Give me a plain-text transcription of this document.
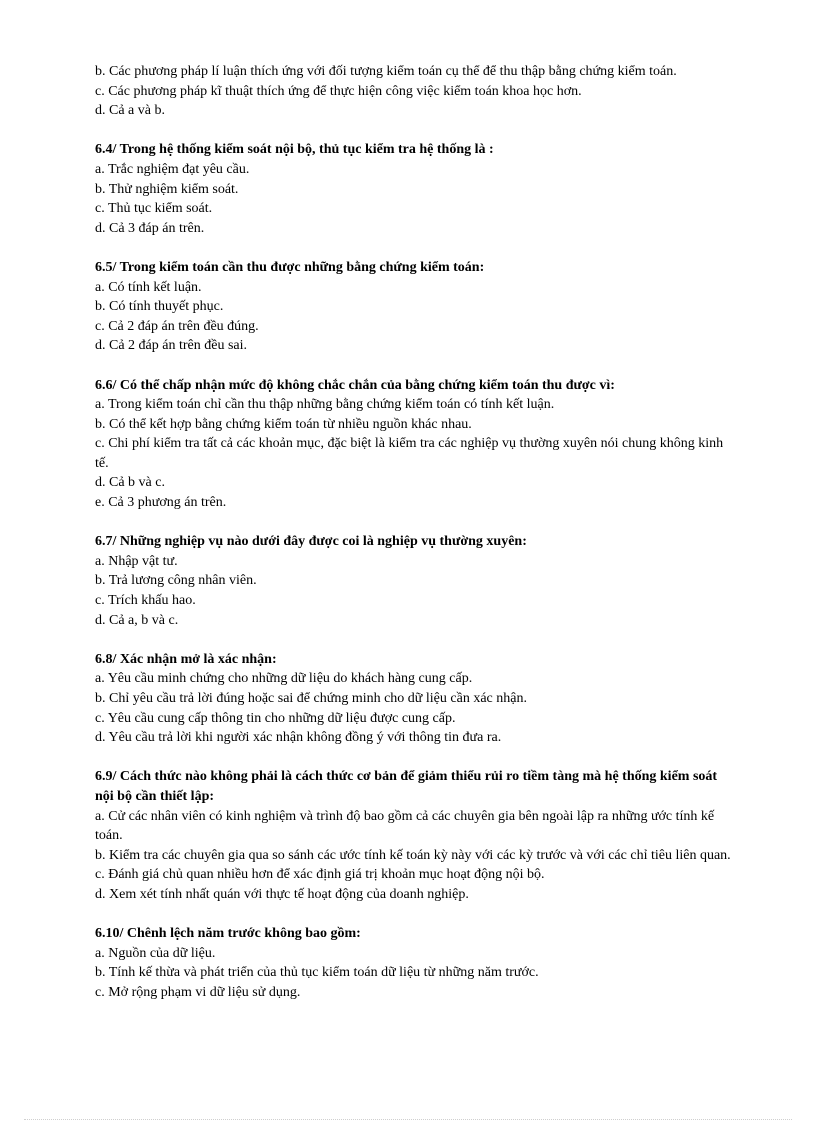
b. Các phương pháp lí luận thích ứng với đối tượng kiểm toán cụ thể để thu thập bằng chứng kiểm toán.
c. Các phương pháp kĩ thuật thích ứng để thực hiện công việc kiểm toán khoa học hơn.
d. Cả a và b.
6.4/ Trong hệ thống kiểm soát nội bộ, thủ tục kiểm tra hệ thống là :
a. Trắc nghiệm đạt yêu cầu.
b. Thử nghiệm kiểm soát.
c. Thủ tục kiểm soát.
d. Cả 3 đáp án trên.
6.5/ Trong kiểm toán cần thu được những bằng chứng kiểm toán:
a. Có tính kết luận.
b. Có tính thuyết phục.
c. Cả 2 đáp án trên đều đúng.
d. Cả 2 đáp án trên đều sai.
6.6/ Có thể chấp nhận mức độ không chắc chắn của bằng chứng kiểm toán thu được vì:
a. Trong kiểm toán chỉ cần thu thập những bằng chứng kiểm toán có tính kết luận.
b. Có thể kết hợp bằng chứng kiểm toán từ nhiều nguồn khác nhau.
c. Chi phí kiểm tra tất cả các khoản mục, đặc biệt là kiểm tra các nghiệp vụ thường xuyên nói chung không kinh tế.
d. Cả b và c.
e. Cả 3 phương án trên.
6.7/ Những nghiệp vụ nào dưới đây được coi là nghiệp vụ thường xuyên:
a. Nhập vật tư.
b. Trả lương công nhân viên.
c. Trích khấu hao.
d. Cả a, b và c.
6.8/ Xác nhận mở là xác nhận:
a. Yêu cầu minh chứng cho những dữ liệu do khách hàng cung cấp.
b. Chỉ yêu cầu trả lời đúng hoặc sai để chứng minh cho dữ liệu cần xác nhận.
c. Yêu cầu cung cấp thông tin cho những dữ liệu được cung cấp.
d. Yêu cầu trả lời khi người xác nhận không đồng ý với thông tin đưa ra.
6.9/ Cách thức nào không phải là cách thức cơ bản để giảm thiểu rủi ro tiềm tàng mà hệ thống kiểm soát nội bộ cần thiết lập:
a. Cử các nhân viên có kinh nghiệm và trình độ bao gồm cả các chuyên gia bên ngoài lập ra những ước tính kế toán.
b. Kiểm tra các chuyên gia qua so sánh các ước tính kế toán kỳ này với các kỳ trước và với các chỉ tiêu liên quan.
c. Đánh giá chủ quan nhiều hơn để xác định giá trị khoản mục hoạt động nội bộ.
d. Xem xét tính nhất quán với thực tế hoạt động của doanh nghiệp.
6.10/ Chênh lệch năm trước không bao gồm:
a. Nguồn của dữ liệu.
b. Tính kế thừa và phát triển của thủ tục kiểm toán dữ liệu từ những năm trước.
c. Mở rộng phạm vi dữ liệu sử dụng.
